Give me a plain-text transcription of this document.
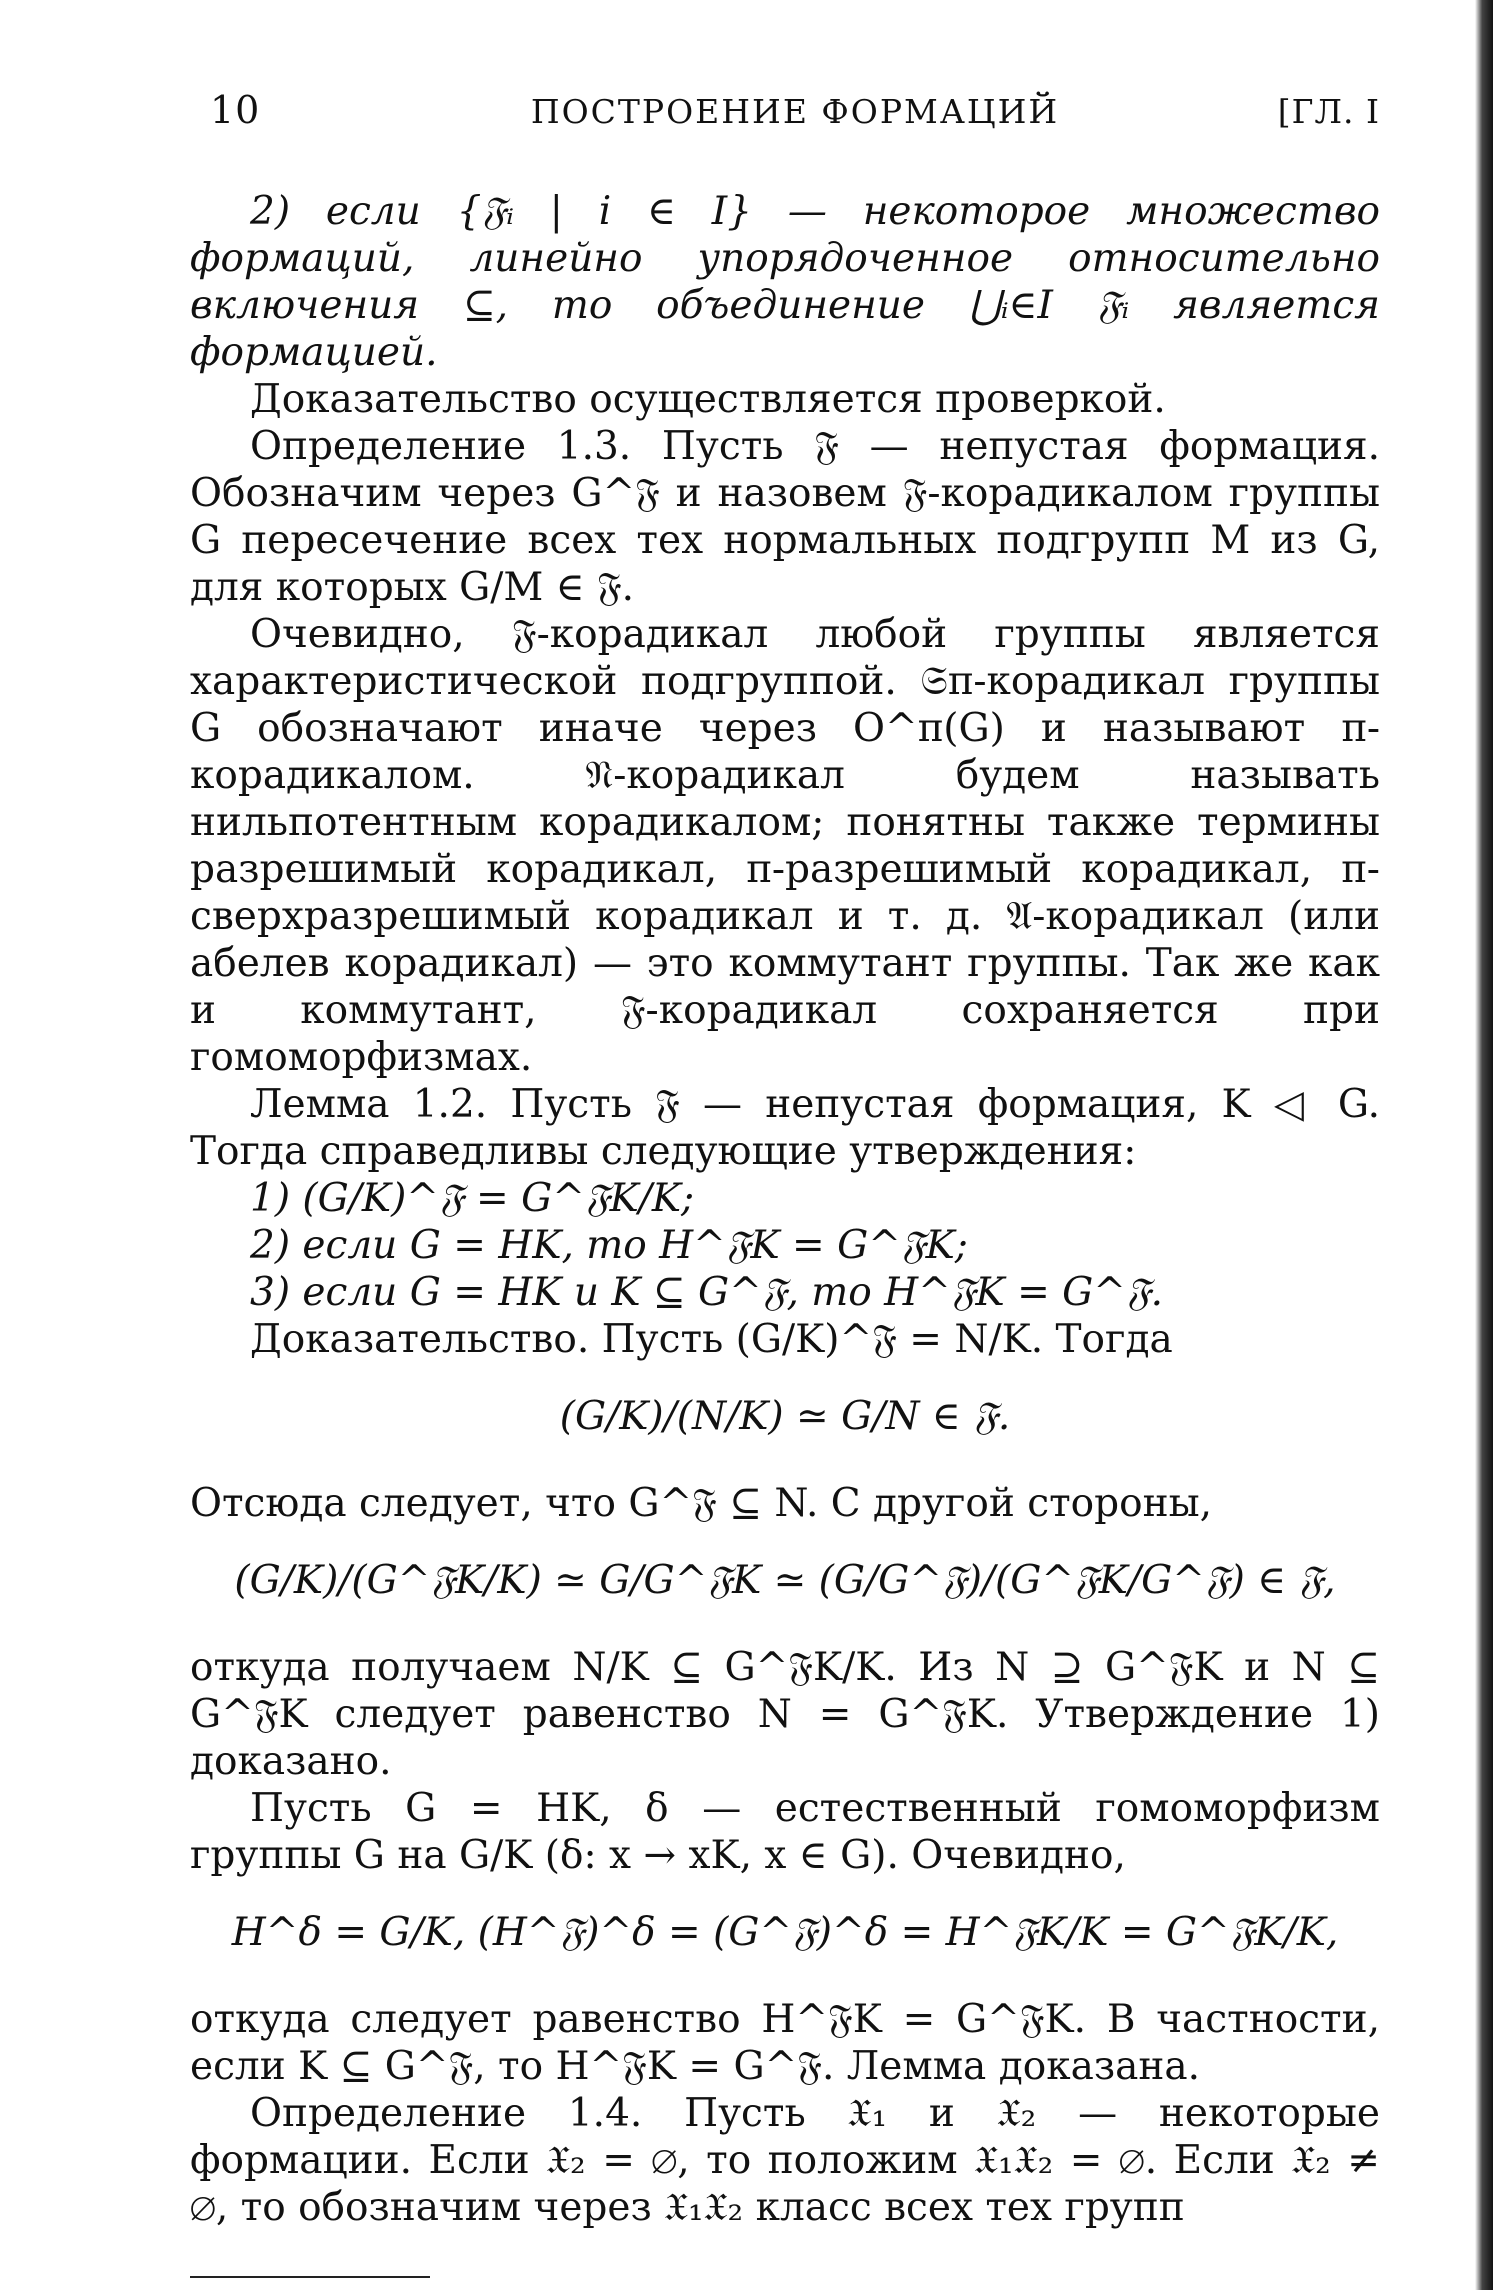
10	ПОСТРОЕНИЕ ФОРМАЦИЙ	[ГЛ. I

2) если {𝔉ᵢ | i ∈ I} — некоторое множество формаций, линейно упорядоченное относительно включения ⊆, то объединение ⋃ᵢ∈I 𝔉ᵢ является формацией.

Доказательство осуществляется проверкой.

Определение 1.3. Пусть 𝔉 — непустая формация. Обозначим через G^𝔉 и назовем 𝔉-корадикалом группы G пересечение всех тех нормальных подгрупп M из G, для которых G/M ∈ 𝔉.

Очевидно, 𝔉-корадикал любой группы является характеристической подгруппой. 𝔖π-корадикал группы G обозначают иначе через O^π(G) и называют π-корадикалом. 𝔑-корадикал будем называть нильпотентным корадикалом; понятны также термины разрешимый корадикал, π-разрешимый корадикал, π-сверхразрешимый корадикал и т. д. 𝔄-корадикал (или абелев корадикал) — это коммутант группы. Так же как и коммутант, 𝔉-корадикал сохраняется при гомоморфизмах.

Лемма 1.2. Пусть 𝔉 — непустая формация, K ◁ G. Тогда справедливы следующие утверждения:

1) (G/K)^𝔉 = G^𝔉K/K;

2) если G = HK, то H^𝔉K = G^𝔉K;

3) если G = HK и K ⊆ G^𝔉, то H^𝔉K = G^𝔉.

Доказательство. Пусть (G/K)^𝔉 = N/K. Тогда

(G/K)/(N/K) ≃ G/N ∈ 𝔉.

Отсюда следует, что G^𝔉 ⊆ N. С другой стороны,

(G/K)/(G^𝔉K/K) ≃ G/G^𝔉K ≃ (G/G^𝔉)/(G^𝔉K/G^𝔉) ∈ 𝔉,

откуда получаем N/K ⊆ G^𝔉K/K. Из N ⊇ G^𝔉K и N ⊆ G^𝔉K следует равенство N = G^𝔉K. Утверждение 1) доказано.

Пусть G = HK, δ — естественный гомоморфизм группы G на G/K (δ: x → xK, x ∈ G). Очевидно,

H^δ = G/K, (H^𝔉)^δ = (G^𝔉)^δ = H^𝔉K/K = G^𝔉K/K,

откуда следует равенство H^𝔉K = G^𝔉K. В частности, если K ⊆ G^𝔉, то H^𝔉K = G^𝔉. Лемма доказана.

Определение 1.4. Пусть 𝔛₁ и 𝔛₂ — некоторые формации. Если 𝔛₂ = ∅, то положим 𝔛₁𝔛₂ = ∅. Если 𝔛₂ ≠ ∅, то обозначим через 𝔛₁𝔛₂ класс всех тех групп
